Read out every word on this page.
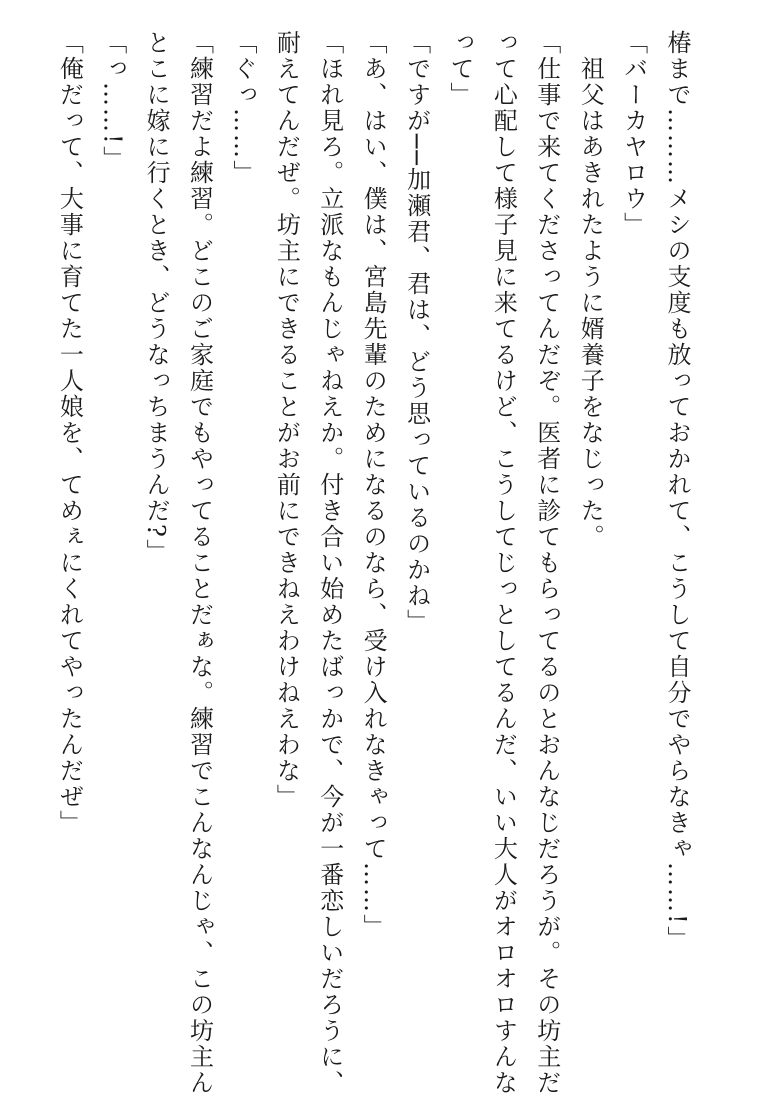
椿まで………メシの支度も放っておかれて、こうして自分でやらなきゃ……!」
「バーカヤロウ」
　祖父はあきれたように婿養子をなじった。
「仕事で来てくださってんだぞ。医者に診てもらってるのとおんなじだろうが。その坊主だ
って心配して様子見に来てるけど、こうしてじっとしてるんだ、いい大人がオロオロすんな
って」
「ですが──加瀬君、君は、どう思っているのかね」
「あ、はい、僕は、宮島先輩のためになるのなら、受け入れなきゃって……」
「ほれ見ろ。立派なもんじゃねえか。付き合い始めたばっかで、今が一番恋しいだろうに、
耐えてんだぜ。坊主にできることがお前にできねえわけねえわな」
「ぐっ……」
「練習だよ練習。どこのご家庭でもやってることだぁな。練習でこんなんじゃ、この坊主ん
とこに嫁に行くとき、どうなっちまうんだ?」
「っ……!」
「俺だって、大事に育てた一人娘を、てめぇにくれてやったんだぜ」
